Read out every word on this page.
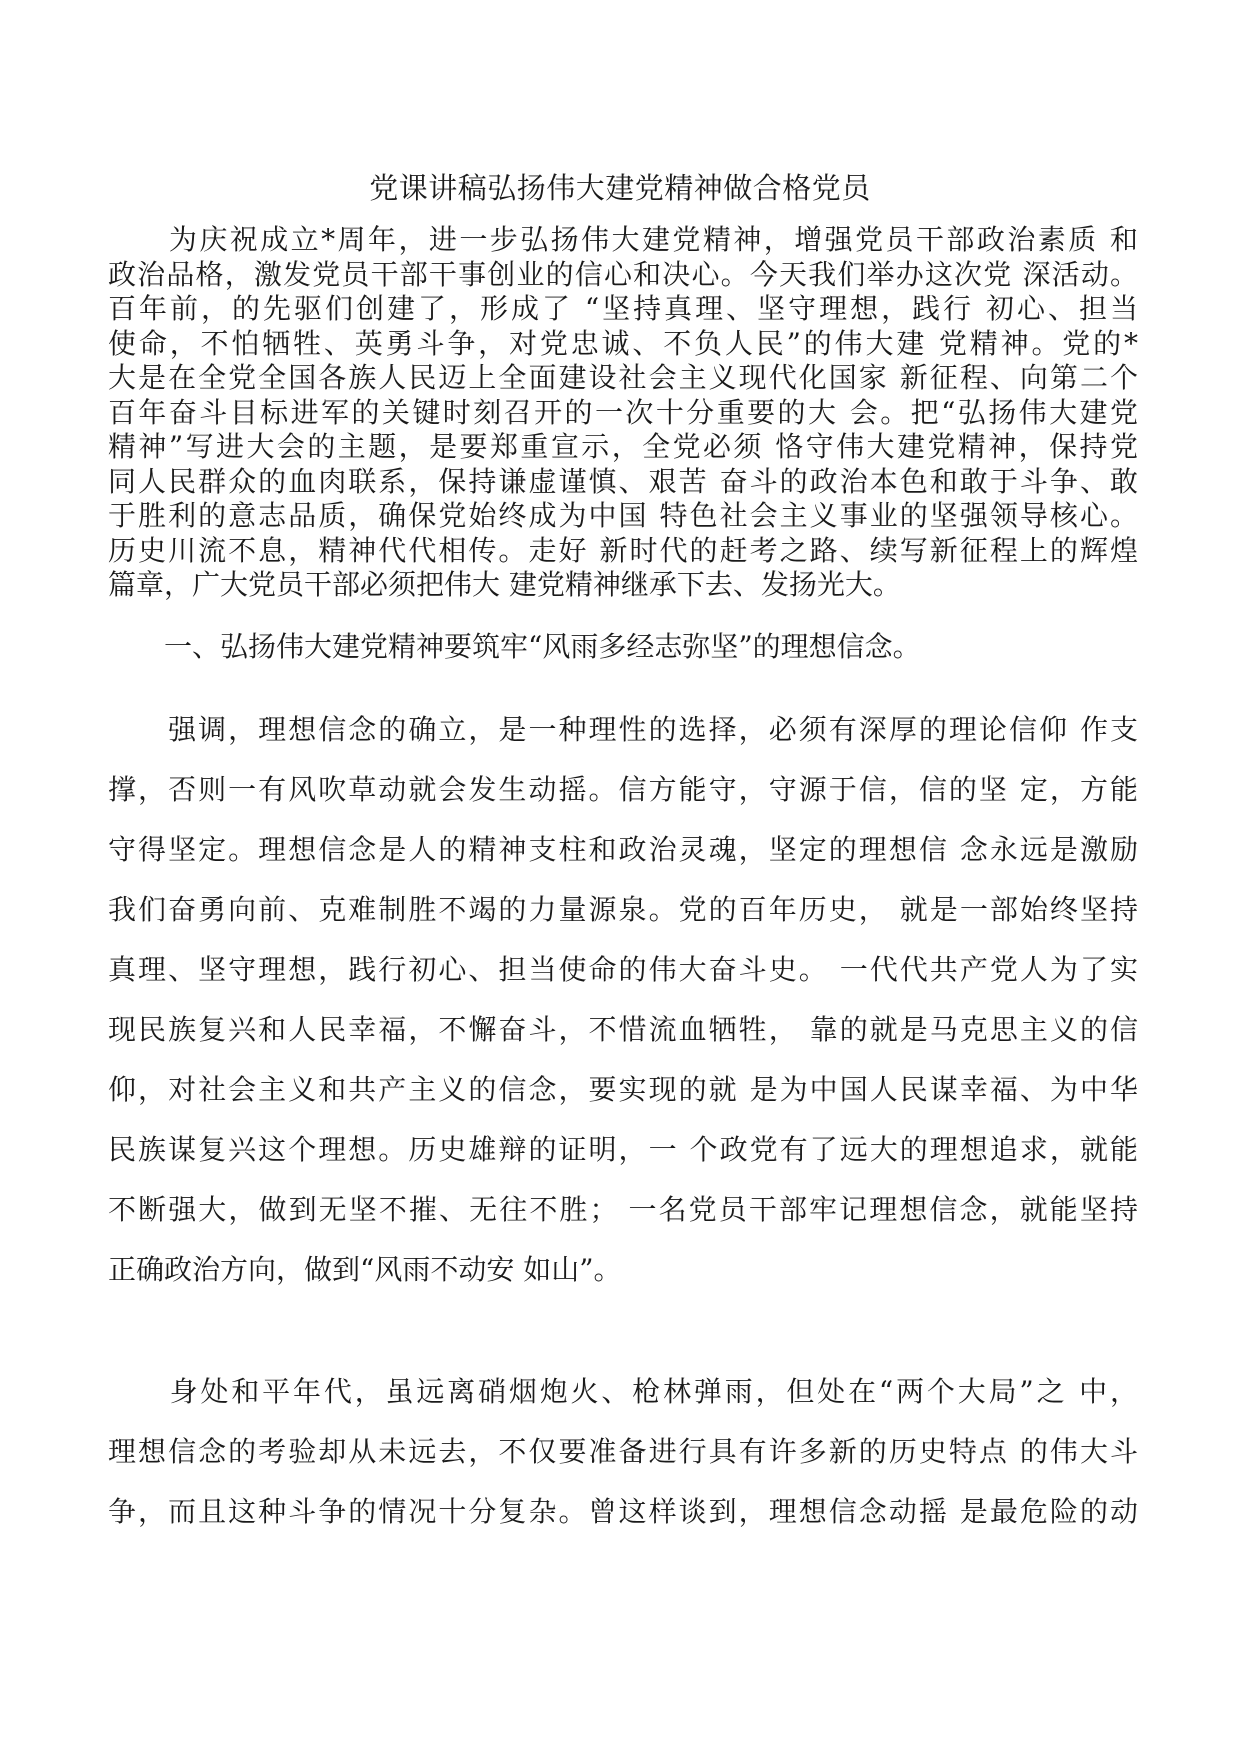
党课讲稿弘扬伟大建党精神做合格党员
　　为庆祝成立*周年，进一步弘扬伟大建党精神，增强党员干部政治素质 和
政治品格，激发党员干部干事创业的信心和决心。今天我们举办这次党 深活动。
百年前，的先驱们创建了，形成了 “坚持真理、坚守理想，践行 初心、担当
使命，不怕牺牲、英勇斗争，对党忠诚、不负人民”的伟大建 党精神。党的*
大是在全党全国各族人民迈上全面建设社会主义现代化国家 新征程、向第二个
百年奋斗目标进军的关键时刻召开的一次十分重要的大 会。把“弘扬伟大建党
精神”写进大会的主题，是要郑重宣示，全党必须 恪守伟大建党精神，保持党
同人民群众的血肉联系，保持谦虚谨慎、艰苦 奋斗的政治本色和敢于斗争、敢
于胜利的意志品质，确保党始终成为中国 特色社会主义事业的坚强领导核心。
历史川流不息，精神代代相传。走好 新时代的赶考之路、续写新征程上的辉煌
篇章，广大党员干部必须把伟大 建党精神继承下去、发扬光大。
　　一、弘扬伟大建党精神要筑牢“风雨多经志弥坚”的理想信念。
　　强调，理想信念的确立，是一种理性的选择，必须有深厚的理论信仰 作支
撑，否则一有风吹草动就会发生动摇。信方能守，守源于信，信的坚 定，方能
守得坚定。理想信念是人的精神支柱和政治灵魂，坚定的理想信 念永远是激励
我们奋勇向前、克难制胜不竭的力量源泉。党的百年历史， 就是一部始终坚持
真理、坚守理想，践行初心、担当使命的伟大奋斗史。 一代代共产党人为了实
现民族复兴和人民幸福，不懈奋斗，不惜流血牺牲， 靠的就是马克思主义的信
仰，对社会主义和共产主义的信念，要实现的就 是为中国人民谋幸福、为中华
民族谋复兴这个理想。历史雄辩的证明，一 个政党有了远大的理想追求，就能
不断强大，做到无坚不摧、无往不胜； 一名党员干部牢记理想信念，就能坚持
正确政治方向，做到“风雨不动安 如山”。
　　身处和平年代，虽远离硝烟炮火、枪林弹雨，但处在“两个大局”之 中，
理想信念的考验却从未远去，不仅要准备进行具有许多新的历史特点 的伟大斗
争，而且这种斗争的情况十分复杂。曾这样谈到，理想信念动摇 是最危险的动
